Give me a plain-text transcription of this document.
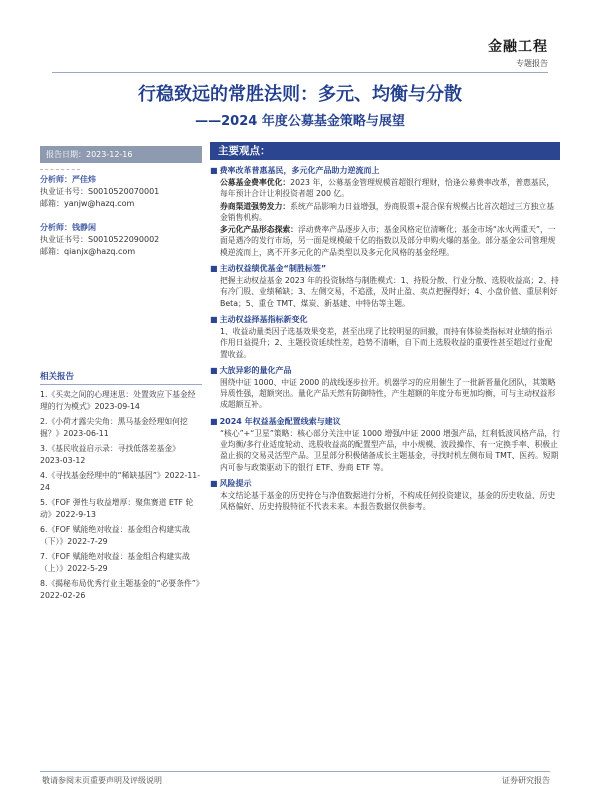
金融工程
专题报告
行稳致远的常胜法则：多元、均衡与分散
——2024 年度公募基金策略与展望
报告日期：2023-12-16
分析师：严佳炜
执业证书号：S0010520070001
邮箱：yanjw@hazq.com
分析师：钱静闲
执业证书号：S0010522090002
邮箱：qianjx@hazq.com
相关报告
1.《买卖之间的心理迷思：处置效应下基金经理的行为模式》2023-09-14
2.《小荷才露尖尖角：黑马基金经理如何挖掘？》2023-06-11
3.《基民收益启示录：寻找低落差基金》2023-03-12
4.《寻找基金经理中的“稀缺基因”》2022-11-24
5.《FOF 弹性与收益增厚：聚焦赛道 ETF 轮动》2022-9-13
6.《FOF 赋能绝对收益：基金组合构建实战（下）》2022-7-29
7.《FOF 赋能绝对收益：基金组合构建实战（上）》2022-5-29
8.《揭秘布局优秀行业主题基金的“必要条件”》2022-02-26
主要观点：
■ 费率改革普惠基民，多元化产品助力逆流而上
公募基金费率优化：2023 年，公募基金管理规模首超银行理财，恰逢公募费率改革，普惠基民，每年预计合计让利投资者超 200 亿。
券商渠道强势发力：系统产品影响力日益增强，券商股票+混合保有规模占比首次超过三方独立基金销售机构。
多元化产品形态探索：浮动费率产品逐步入市；基金风格定位清晰化；基金市场“冰火两重天”，一面是遇冷的发行市场，另一面是规模破千亿的指数以及部分申购火爆的基金。部分基金公司管理规模逆流而上，离不开多元化的产品类型以及多元化风格的基金经理。
■ 主动权益绩优基金“制胜标签”
把握主动权益基金 2023 年的投资脉络与制胜模式：1、持股分散、行业分散、选股收益高；2、持有冷门股、业绩稀缺；3、左侧交易，不追涨，及时止盈、卖点把握得好；4、小盘价值、重层利好 Beta；5、重仓 TMT、煤炭、新基建、中特估等主题。
■ 主动权益择基指标新变化
1、收益动量类因子选基效果变差，甚至出现了比较明显的回撤，而持有体验类指标对业绩的指示作用日益提升；2、主题投资延续性差，趋势不清晰，自下而上选股收益的重要性甚至超过行业配置收益。
■ 大放异彩的量化产品
围绕中证 1000、中证 2000 的战线逐步拉开。机器学习的应用催生了一批新晋量化团队，其策略异质性强，超额突出。量化产品天然有防御特性，产生超额的年度分布更加均衡，可与主动权益形成超额互补。
■ 2024 年权益基金配置线索与建议
“核心”+“卫星”策略：核心部分关注中证 1000 增强/中证 2000 增强产品，红利低波风格产品，行业均衡/多行业适度轮动、选股收益高的配置型产品，中小规模、波段操作、有一定换手率、积极止盈止损的交易灵活型产品。卫星部分积极储备成长主题基金，寻找时机左侧布局 TMT、医药。短期内可参与政策驱动下的银行 ETF、券商 ETF 等。
■ 风险提示
本文结论基于基金的历史持仓与净值数据进行分析，不构成任何投资建议，基金的历史收益、历史风格偏好、历史持股特征不代表未来。本报告数据仅供参考。
敬请参阅末页重要声明及评级说明	证券研究报告
